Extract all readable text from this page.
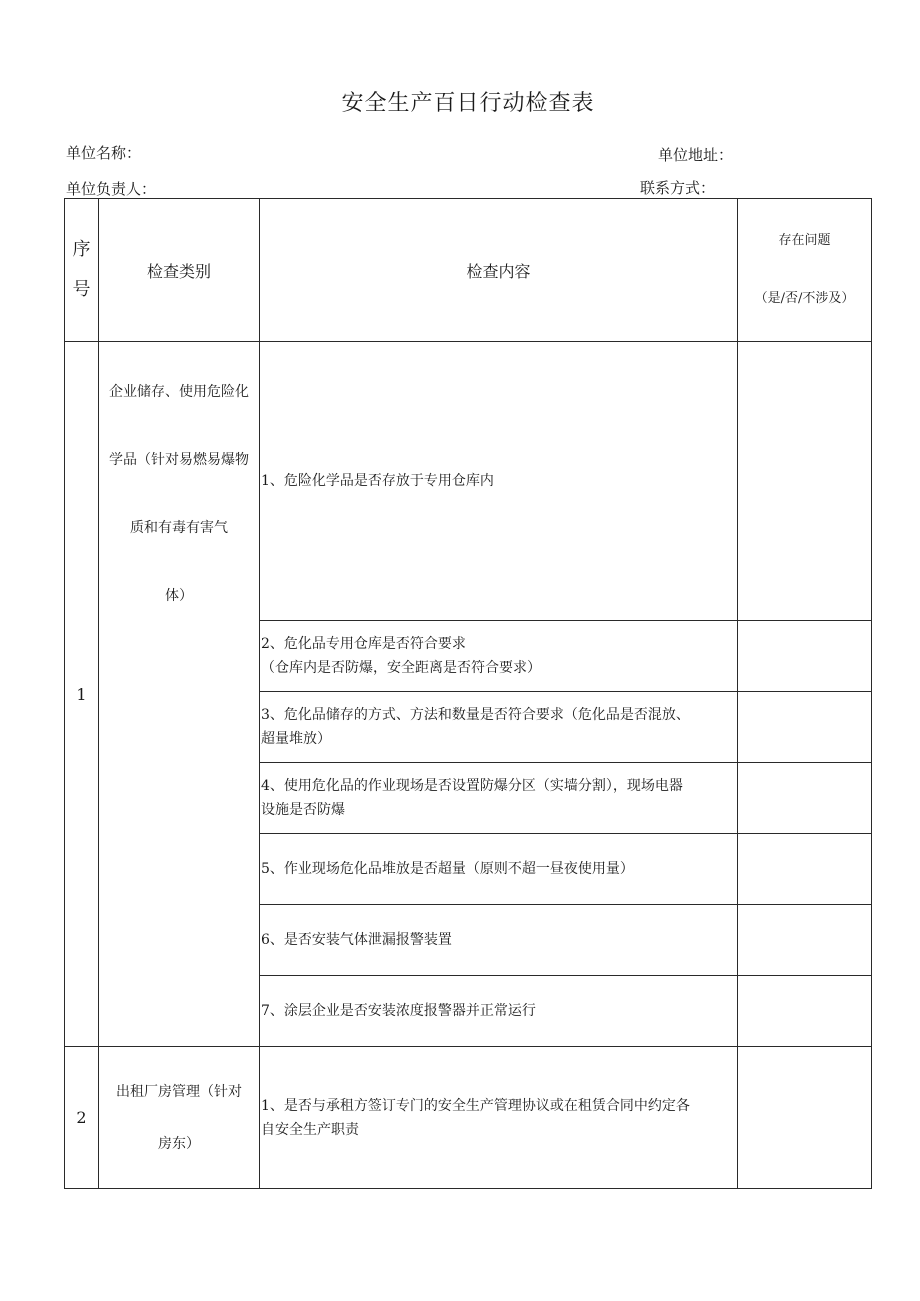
安全生产百日行动检查表
单位名称：	单位地址：
单位负责人：	联系方式：
序
号	检查类别	检查内容	存在问题
（是/否/不涉及）
1	企业储存、使用危险化
学品（针对易燃易爆物
质和有毒有害气
体）	1、危险化学品是否存放于专用仓库内	

		2、危化品专用仓库是否符合要求
（仓库内是否防爆，安全距离是否符合要求）	

		3、危化品储存的方式、方法和数量是否符合要求（危化品是否混放、
超量堆放）	

		4、使用危化品的作业现场是否设置防爆分区（实墙分割），现场电器
设施是否防爆	

		5、作业现场危化品堆放是否超量（原则不超一昼夜使用量）	

		6、是否安装气体泄漏报警装置	

		7、涂层企业是否安装浓度报警器并正常运行	

2	出租厂房管理（针对
房东）	1、是否与承租方签订专门的安全生产管理协议或在租赁合同中约定各
自安全生产职责	
